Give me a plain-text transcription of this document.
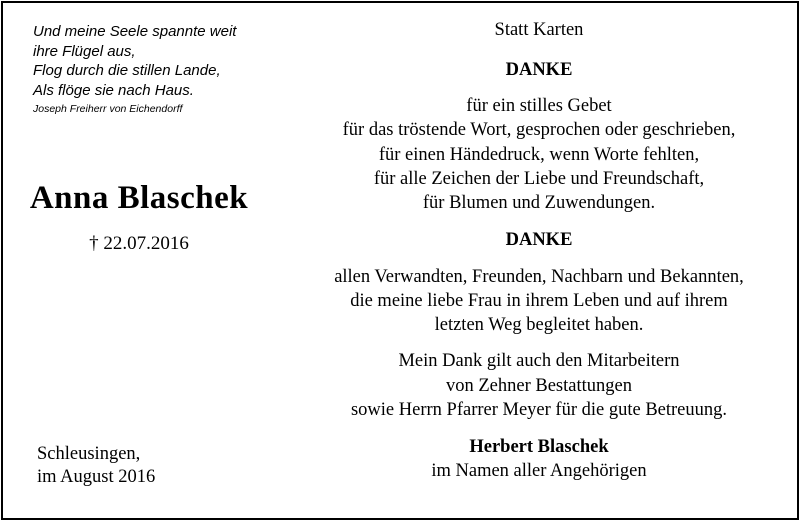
Und meine Seele spannte weit
ihre Flügel aus,
Flog durch die stillen Lande,
Als flöge sie nach Haus.
Joseph Freiherr von Eichendorff
Anna Blaschek
† 22.07.2016
Schleusingen,
im August 2016
Statt Karten
DANKE
für ein stilles Gebet
für das tröstende Wort, gesprochen oder geschrieben,
für einen Händedruck, wenn Worte fehlten,
für alle Zeichen der Liebe und Freundschaft,
für Blumen und Zuwendungen.
DANKE
allen Verwandten, Freunden, Nachbarn und Bekannten,
die meine liebe Frau in ihrem Leben und auf ihrem
letzten Weg begleitet haben.
Mein Dank gilt auch den Mitarbeitern
von Zehner Bestattungen
sowie Herrn Pfarrer Meyer für die gute Betreuung.
Herbert Blaschek
im Namen aller Angehörigen
